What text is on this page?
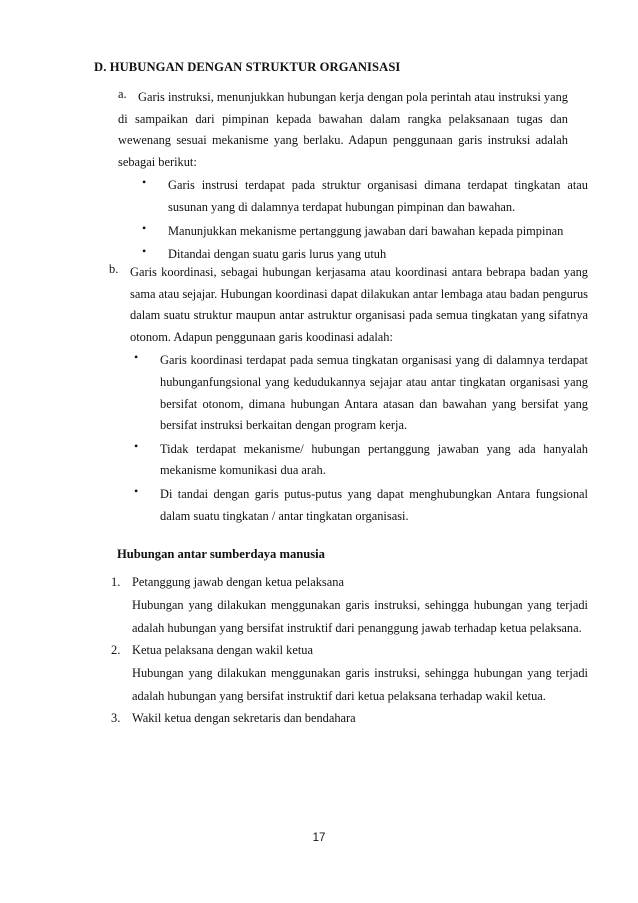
D. HUBUNGAN DENGAN STRUKTUR ORGANISASI
a. Garis instruksi, menunjukkan hubungan kerja dengan pola perintah atau instruksi yang di sampaikan dari pimpinan kepada bawahan dalam rangka pelaksanaan tugas dan wewenang sesuai mekanisme yang berlaku. Adapun penggunaan garis instruksi adalah sebagai berikut:
• Garis instrusi terdapat pada struktur organisasi dimana terdapat tingkatan atau susunan yang di dalamnya terdapat hubungan pimpinan dan bawahan.
• Manunjukkan mekanisme pertanggung jawaban dari bawahan kepada pimpinan
• Ditandai dengan suatu garis lurus yang utuh
b. Garis koordinasi, sebagai hubungan kerjasama atau koordinasi antara bebrapa badan yang sama atau sejajar. Hubungan koordinasi dapat dilakukan antar lembaga atau badan pengurus dalam suatu struktur maupun antar astruktur organisasi pada semua tingkatan yang sifatnya otonom. Adapun penggunaan garis koodinasi adalah:
• Garis koordinasi terdapat pada semua tingkatan organisasi yang di dalamnya terdapat hubunganfungsional yang kedudukannya sejajar atau antar tingkatan organisasi yang bersifat otonom, dimana hubungan Antara atasan dan bawahan yang bersifat yang bersifat instruksi berkaitan dengan program kerja.
• Tidak terdapat mekanisme/ hubungan pertanggung jawaban yang ada hanyalah mekanisme komunikasi dua arah.
• Di tandai dengan garis putus-putus yang dapat menghubungkan Antara fungsional dalam suatu tingkatan / antar tingkatan organisasi.
Hubungan antar sumberdaya manusia
1. Petanggung jawab dengan ketua pelaksana
Hubungan yang dilakukan menggunakan garis instruksi, sehingga hubungan yang terjadi adalah hubungan yang bersifat instruktif dari penanggung jawab terhadap ketua pelaksana.
2. Ketua pelaksana dengan wakil ketua
Hubungan yang dilakukan menggunakan garis instruksi, sehingga hubungan yang terjadi adalah hubungan yang bersifat instruktif dari ketua pelaksana terhadap wakil ketua.
3. Wakil ketua dengan sekretaris dan bendahara
17
